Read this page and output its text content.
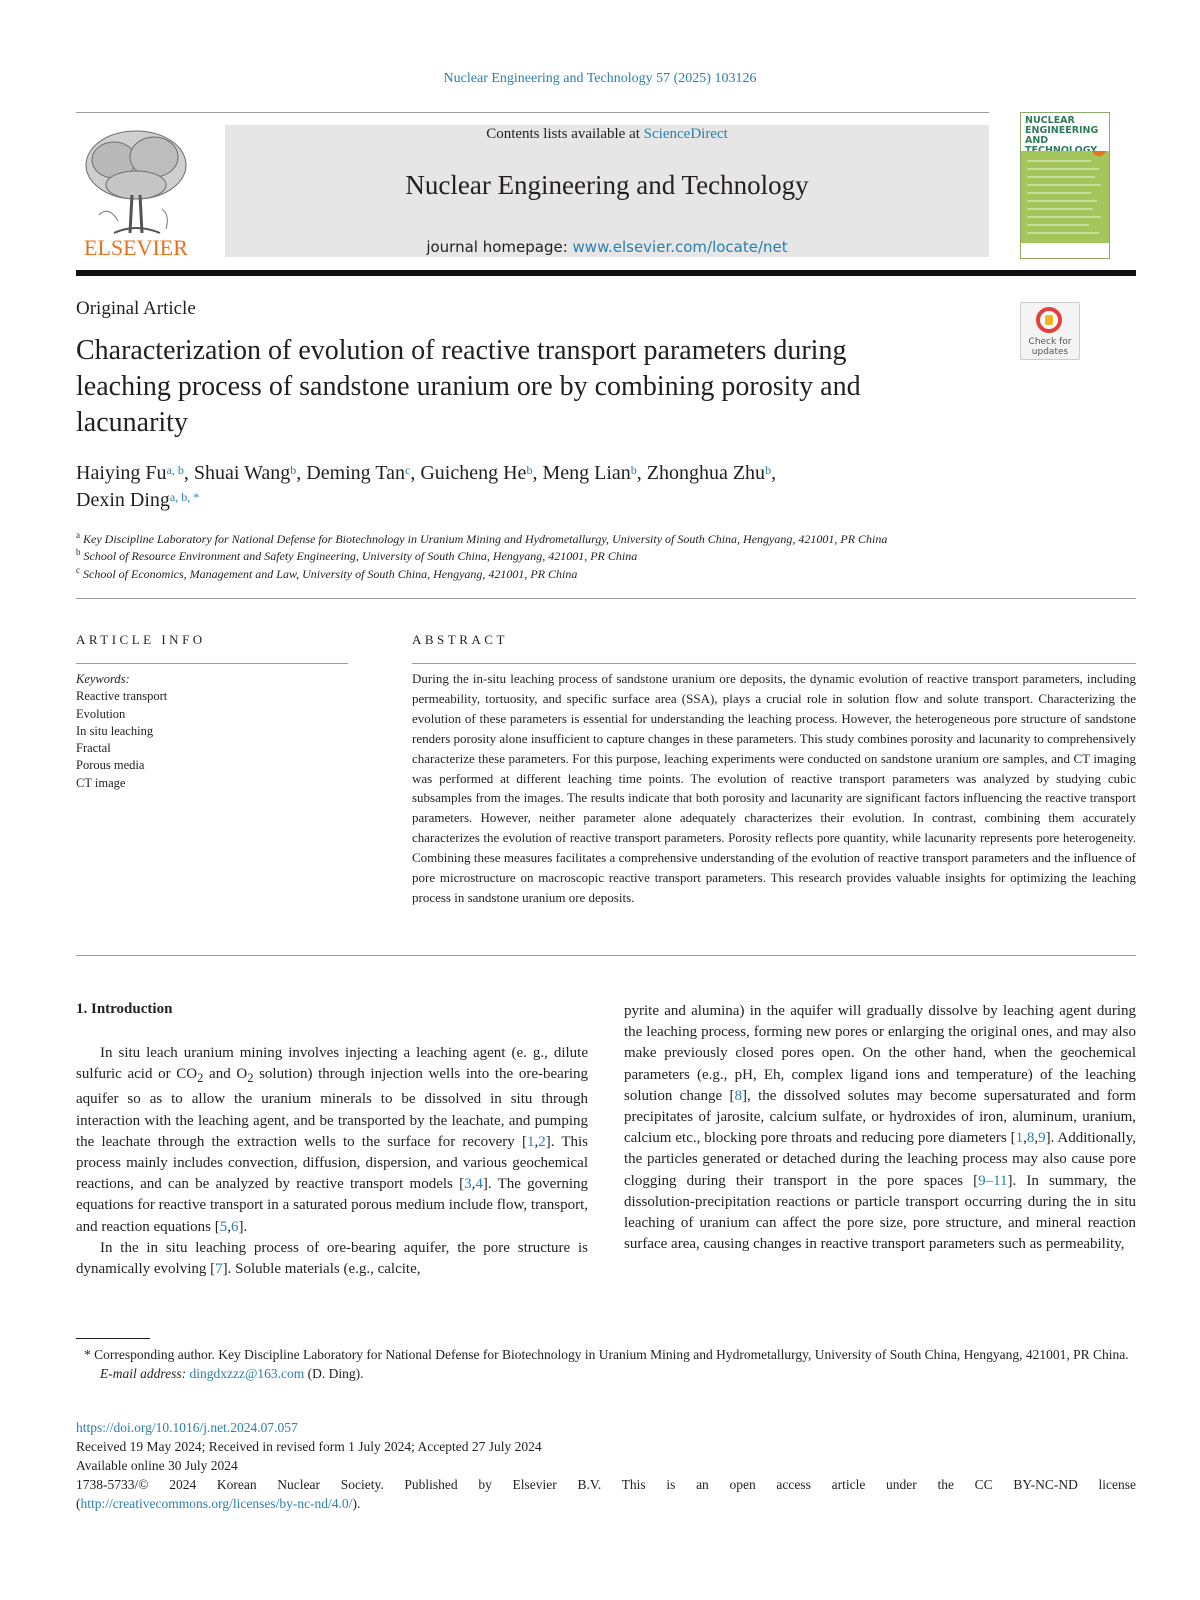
Nuclear Engineering and Technology 57 (2025) 103126
ELSEVIER
Contents lists available at ScienceDirect
Nuclear Engineering and Technology
journal homepage: www.elsevier.com/locate/net
NUCLEAR ENGINEERING AND
Original Article
Check for updates
Characterization of evolution of reactive transport parameters during leaching process of sandstone uranium ore by combining porosity and lacunarity
Haiying Fu$^{a, b}$, Shuai Wang$^b$, Deming Tan$^c$, Guicheng He$^b$, Meng Lian$^b$, Zhonghua Zhu$^b$,
Dexin Ding$^{a, b, *}$
$^a$ Key Discipline Laboratory for National Defense for Biotechnology in Uranium Mining and Hydrometallurgy, University of South China, Hengyang, 421001, PR China
$^b$ School of Resource Environment and Safety Engineering, University of South China, Hengyang, 421001, PR China
$^c$ School of Economics, Management and Law, University of South China, Hengyang, 421001, PR China
ARTICLE INFO
Keywords:
Reactive transport
Evolution
In situ leaching
Fractal
Porous media
CT image
ABSTRACT
During the in-situ leaching process of sandstone uranium ore deposits, the dynamic evolution of reactive transport parameters, including permeability, tortuosity, and specific surface area (SSA), plays a crucial role in solution flow and solute transport. Characterizing the evolution of these parameters is essential for understanding the leaching process. However, the heterogeneous pore structure of sandstone renders porosity alone insufficient to capture changes in these parameters. This study combines porosity and lacunarity to comprehensively characterize these parameters. For this purpose, leaching experiments were conducted on sandstone uranium ore samples, and CT imaging was performed at different leaching time points. The evolution of reactive transport parameters was analyzed by studying cubic subsamples from the images. The results indicate that both porosity and lacunarity are significant factors influencing the reactive transport parameters. However, neither parameter alone adequately characterizes their evolution. In contrast, combining them accurately characterizes the evolution of reactive transport parameters. Porosity reflects pore quantity, while lacunarity represents pore heterogeneity. Combining these measures facilitates a comprehensive understanding of the evolution of reactive transport parameters and the influence of pore microstructure on macroscopic reactive transport parameters. This research provides valuable insights for optimizing the leaching process in sandstone uranium ore deposits.
1. Introduction

In situ leach uranium mining involves injecting a leaching agent (e. g., dilute sulfuric acid or $CO_2$ and $O_2$ solution) through injection wells into the ore-bearing aquifer so as to allow the uranium minerals to be dissolved in situ through interaction with the leaching agent, and be transported by the leachate, and pumping the leachate through the extraction wells to the surface for recovery [1,2]. This process mainly includes convection, diffusion, dispersion, and various geochemical reactions, and can be analyzed by reactive transport models [3,4]. The governing equations for reactive transport in a saturated porous medium include flow, transport, and reaction equations [5,6].

In the in situ leaching process of ore-bearing aquifer, the pore structure is dynamically evolving [7]. Soluble materials (e.g., calcite,

pyrite and alumina) in the aquifer will gradually dissolve by leaching agent during the leaching process, forming new pores or enlarging the original ones, and may also make previously closed pores open. On the other hand, when the geochemical parameters (e.g., pH, Eh, complex ligand ions and temperature) of the leaching solution change [8], the dissolved solutes may become supersaturated and form precipitates of jarosite, calcium sulfate, or hydroxides of iron, aluminum, uranium, calcium etc., blocking pore throats and reducing pore diameters [1,8,9]. Additionally, the particles generated or detached during the leaching process may also cause pore clogging during their transport in the pore spaces [9–11]. In summary, the dissolution-precipitation reactions or particle transport occurring during the in situ leaching of uranium can affect the pore size, pore structure, and mineral reaction surface area, causing changes in reactive transport parameters such as permeability,

* Corresponding author. Key Discipline Laboratory for National Defense for Biotechnology in Uranium Mining and Hydrometallurgy, University of South China, Hengyang, 421001, PR China.
E-mail address: dingdxzzz@163.com (D. Ding).
https://doi.org/10.1016/j.net.2024.07.057
Received 19 May 2024; Received in revised form 1 July 2024; Accepted 27 July 2024
Available online 30 July 2024
1738-5733/© 2024 Korean Nuclear Society. Published by Elsevier B.V. This is an open access article under the CC BY-NC-ND license
(http://creativecommons.org/licenses/by-nc-nd/4.0/).
